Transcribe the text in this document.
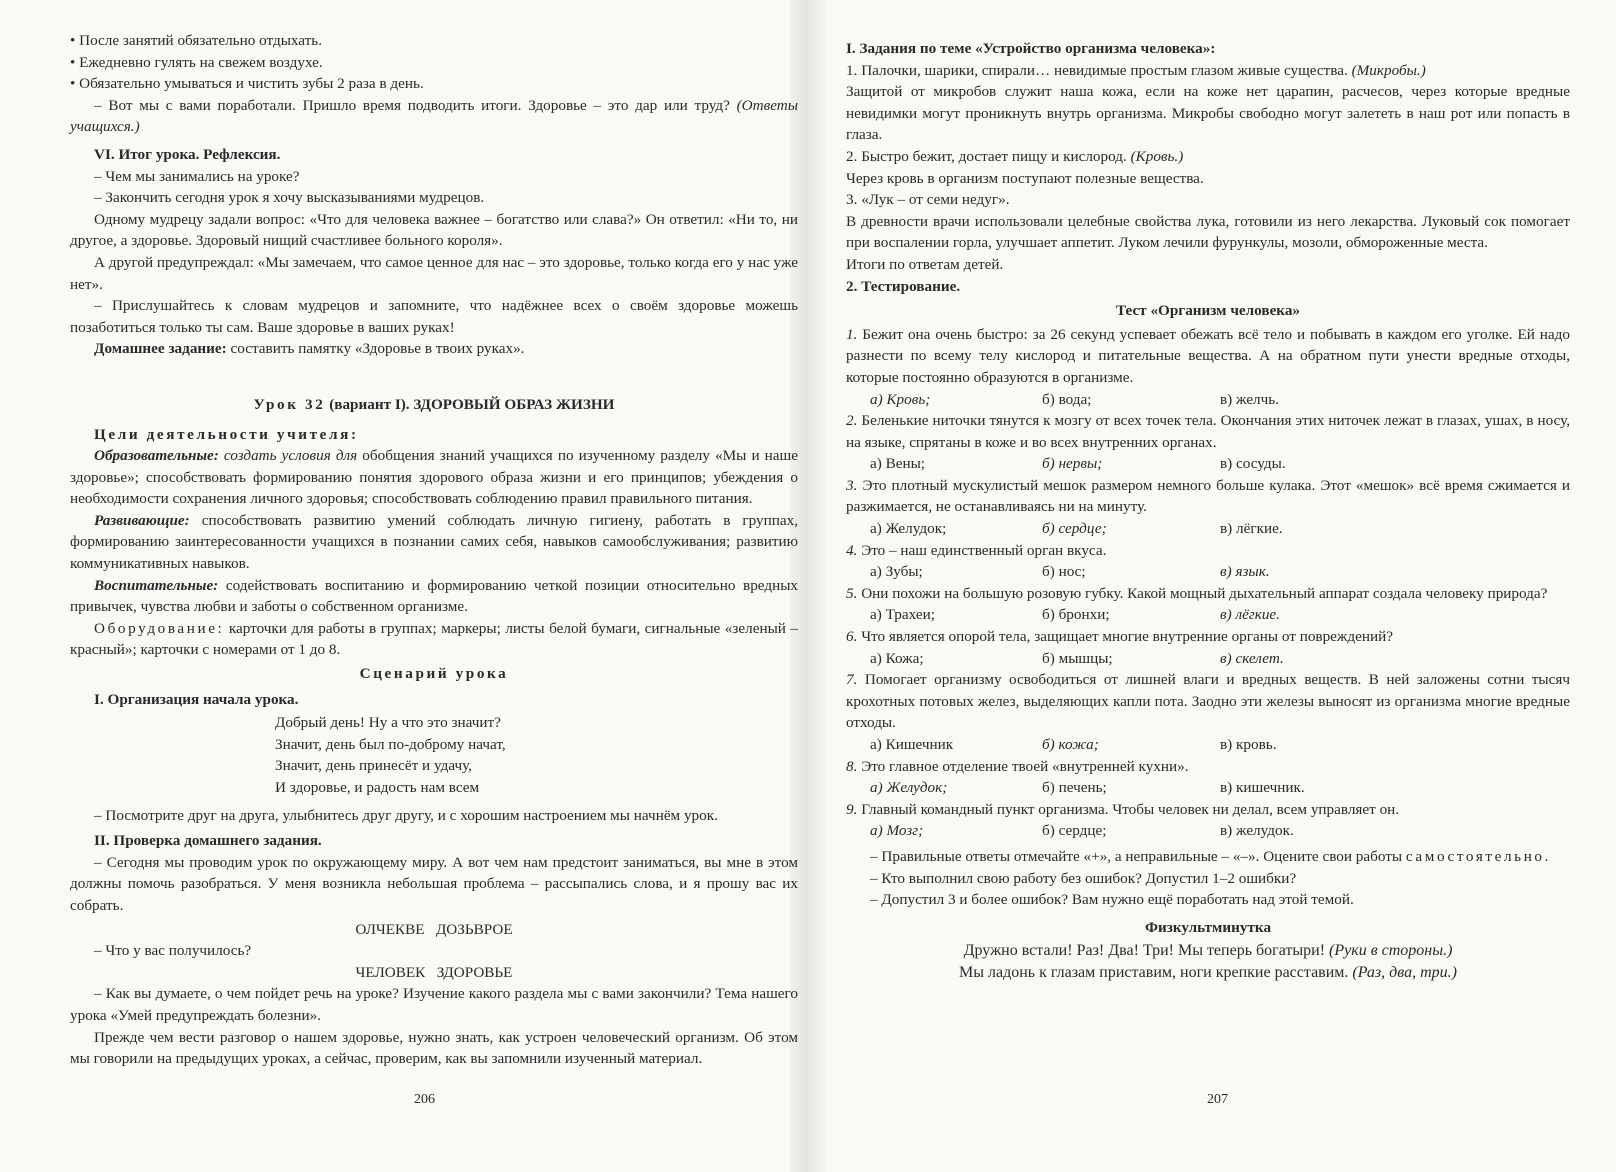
• После занятий обязательно отдыхать.

• Ежедневно гулять на свежем воздухе.

• Обязательно умываться и чистить зубы 2 раза в день.

– Вот мы с вами поработали. Пришло время подводить итоги. Здоровье – это дар или труд? (Ответы учащихся.)

VI. Итог урока. Рефлексия.

– Чем мы занимались на уроке?

– Закончить сегодня урок я хочу высказываниями мудрецов.

Одному мудрецу задали вопрос: «Что для человека важнее – богатство или слава?» Он ответил: «Ни то, ни другое, а здоровье. Здоровый нищий счастливее больного короля».

А другой предупреждал: «Мы замечаем, что самое ценное для нас – это здоровье, только когда его у нас уже нет».

– Прислушайтесь к словам мудрецов и запомните, что надёжнее всех о своём здоровье можешь позаботиться только ты сам. Ваше здоровье в ваших руках!

Домашнее задание: составить памятку «Здоровье в твоих руках».

Урок 32 (вариант I). ЗДОРОВЫЙ ОБРАЗ ЖИЗНИ

Цели деятельности учителя:

Образовательные: создать условия для обобщения знаний учащихся по изученному разделу «Мы и наше здоровье»; способствовать формированию понятия здорового образа жизни и его принципов; убеждения о необходимости сохранения личного здоровья; способствовать соблюдению правил правильного питания.

Развивающие: способствовать развитию умений соблюдать личную гигиену, работать в группах, формированию заинтересованности учащихся в познании самих себя, навыков самообслуживания; развитию коммуникативных навыков.

Воспитательные: содействовать воспитанию и формированию четкой позиции относительно вредных привычек, чувства любви и заботы о собственном организме.

Оборудование: карточки для работы в группах; маркеры; листы белой бумаги, сигнальные «зеленый – красный»; карточки с номерами от 1 до 8.

Сценарий урока

I. Организация начала урока.

Добрый день! Ну а что это значит?

Значит, день был по-доброму начат,

Значит, день принесёт и удачу,

И здоровье, и радость нам всем

– Посмотрите друг на друга, улыбнитесь друг другу, и с хорошим настроением мы начнём урок.

II. Проверка домашнего задания.

– Сегодня мы проводим урок по окружающему миру. А вот чем нам предстоит заниматься, вы мне в этом должны помочь разобраться. У меня возникла небольшая проблема – рассыпались слова, и я прошу вас их собрать.

ОЛЧЕКВЕ   ДОЗЬВРОЕ

– Что у вас получилось?

ЧЕЛОВЕК   ЗДОРОВЬЕ

– Как вы думаете, о чем пойдет речь на уроке? Изучение какого раздела мы с вами закончили? Тема нашего урока «Умей предупреждать болезни».

Прежде чем вести разговор о нашем здоровье, нужно знать, как устроен человеческий организм. Об этом мы говорили на предыдущих уроках, а сейчас, проверим, как вы запомнили изученный материал.

206

I. Задания по теме «Устройство организма человека»:

1. Палочки, шарики, спирали… невидимые простым глазом живые существа. (Микробы.)

Защитой от микробов служит наша кожа, если на коже нет царапин, расчесов, через которые вредные невидимки могут проникнуть внутрь организма. Микробы свободно могут залететь в наш рот или попасть в глаза.

2. Быстро бежит, достает пищу и кислород. (Кровь.)

Через кровь в организм поступают полезные вещества.

3. «Лук – от семи недуг».

В древности врачи использовали целебные свойства лука, готовили из него лекарства. Луковый сок помогает при воспалении горла, улучшает аппетит. Луком лечили фурункулы, мозоли, обмороженные места.

Итоги по ответам детей.

2. Тестирование.

Тест «Организм человека»

1. Бежит она очень быстро: за 26 секунд успевает обежать всё тело и побывать в каждом его уголке. Ей надо разнести по всему телу кислород и питательные вещества. А на обратном пути унести вредные отходы, которые постоянно образуются в организме.

а) Кровь;	б) вода;	в) желчь.

2. Беленькие ниточки тянутся к мозгу от всех точек тела. Окончания этих ниточек лежат в глазах, ушах, в носу, на языке, спрятаны в коже и во всех внутренних органах.

а) Вены;	б) нервы;	в) сосуды.

3. Это плотный мускулистый мешок размером немного больше кулака. Этот «мешок» всё время сжимается и разжимается, не останавливаясь ни на минуту.

а) Желудок;	б) сердце;	в) лёгкие.

4. Это – наш единственный орган вкуса.

а) Зубы;	б) нос;	в) язык.

5. Они похожи на большую розовую губку. Какой мощный дыхательный аппарат создала человеку природа?

а) Трахеи;	б) бронхи;	в) лёгкие.

6. Что является опорой тела, защищает многие внутренние органы от повреждений?

а) Кожа;	б) мышцы;	в) скелет.

7. Помогает организму освободиться от лишней влаги и вредных веществ. В ней заложены сотни тысяч крохотных потовых желез, выделяющих капли пота. Заодно эти железы выносят из организма многие вредные отходы.

а) Кишечник	б) кожа;	в) кровь.

8. Это главное отделение твоей «внутренней кухни».

а) Желудок;	б) печень;	в) кишечник.

9. Главный командный пункт организма. Чтобы человек ни делал, всем управляет он.

а) Мозг;	б) сердце;	в) желудок.

– Правильные ответы отмечайте «+», а неправильные – «–». Оцените свои работы самостоятельно.

– Кто выполнил свою работу без ошибок? Допустил 1–2 ошибки?

– Допустил 3 и более ошибок? Вам нужно ещё поработать над этой темой.

Физкультминутка

Дружно встали! Раз! Два! Три! Мы теперь богатыри! (Руки в стороны.)

Мы ладонь к глазам приставим, ноги крепкие расставим. (Раз, два, три.)

207
